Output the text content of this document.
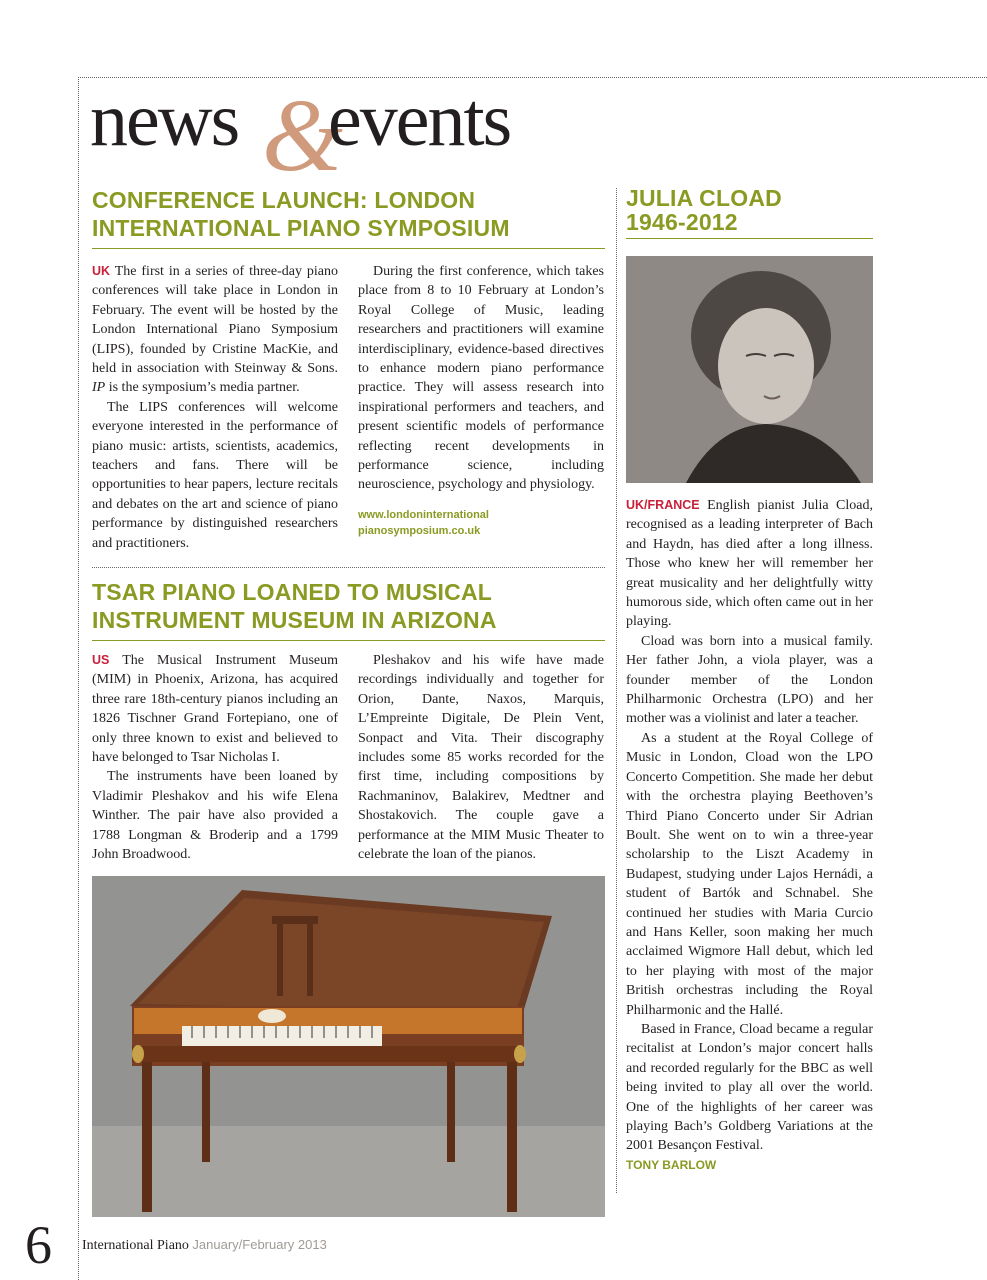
news &
events
CONFERENCE LAUNCH: LONDON
INTERNATIONAL PIANO SYMPOSIUM

UK The first in a series of three-day piano conferences will take place in London in February. The event will be hosted by the London International Piano Symposium (LIPS), founded by Cristine MacKie, and held in association with Steinway & Sons. IP is the symposium’s media partner.

The LIPS conferences will welcome everyone interested in the performance of piano music: artists, scientists, academics, teachers and fans. There will be opportunities to hear papers, lecture recitals and debates on the art and science of piano performance by distinguished researchers and practitioners.

During the first conference, which takes place from 8 to 10 February at London’s Royal College of Music, leading researchers and practitioners will examine interdisciplinary, evidence-based directives to enhance modern piano performance practice. They will assess research into inspirational performers and teachers, and present scientific models of performance reflecting recent developments in performance science, including neuroscience, psychology and physiology.

www.londoninternational
pianosymposium.co.uk
TSAR PIANO LOANED TO MUSICAL
INSTRUMENT MUSEUM IN ARIZONA

US The Musical Instrument Museum (MIM) in Phoenix, Arizona, has acquired three rare 18th-century pianos including an 1826 Tischner Grand Fortepiano, one of only three known to exist and believed to have belonged to Tsar Nicholas I.

The instruments have been loaned by Vladimir Pleshakov and his wife Elena Winther. The pair have also provided a 1788 Longman & Broderip and a 1799 John Broadwood.

Pleshakov and his wife have made recordings individually and together for Orion, Dante, Naxos, Marquis, L’Empreinte Digitale, De Plein Vent, Sonpact and Vita. Their discography includes some 85 works recorded for the first time, including compositions by Rachmaninov, Balakirev, Medtner and Shostakovich. The couple gave a performance at the MIM Music Theater to celebrate the loan of the pianos.

JULIA CLOAD
1946-2012

UK/FRANCE English pianist Julia Cload, recognised as a leading interpreter of Bach and Haydn, has died after a long illness. Those who knew her will remember her great musicality and her delightfully witty humorous side, which often came out in her playing.

Cload was born into a musical family. Her father John, a viola player, was a founder member of the London Philharmonic Orchestra (LPO) and her mother was a violinist and later a teacher.

As a student at the Royal College of Music in London, Cload won the LPO Concerto Competition. She made her debut with the orchestra playing Beethoven’s Third Piano Concerto under Sir Adrian Boult. She went on to win a three-year scholarship to the Liszt Academy in Budapest, studying under Lajos Hernádi, a student of Bartók and Schnabel. She continued her studies with Maria Curcio and Hans Keller, soon making her much acclaimed Wigmore Hall debut, which led to her playing with most of the major British orchestras including the Royal Philharmonic and the Hallé.

Based in France, Cload became a regular recitalist at London’s major concert halls and recorded regularly for the BBC as well being invited to play all over the world. One of the highlights of her career was playing Bach’s Goldberg Variations at the 2001 Besançon Festival.

TONY BARLOW
6 International Piano January/February 2013
